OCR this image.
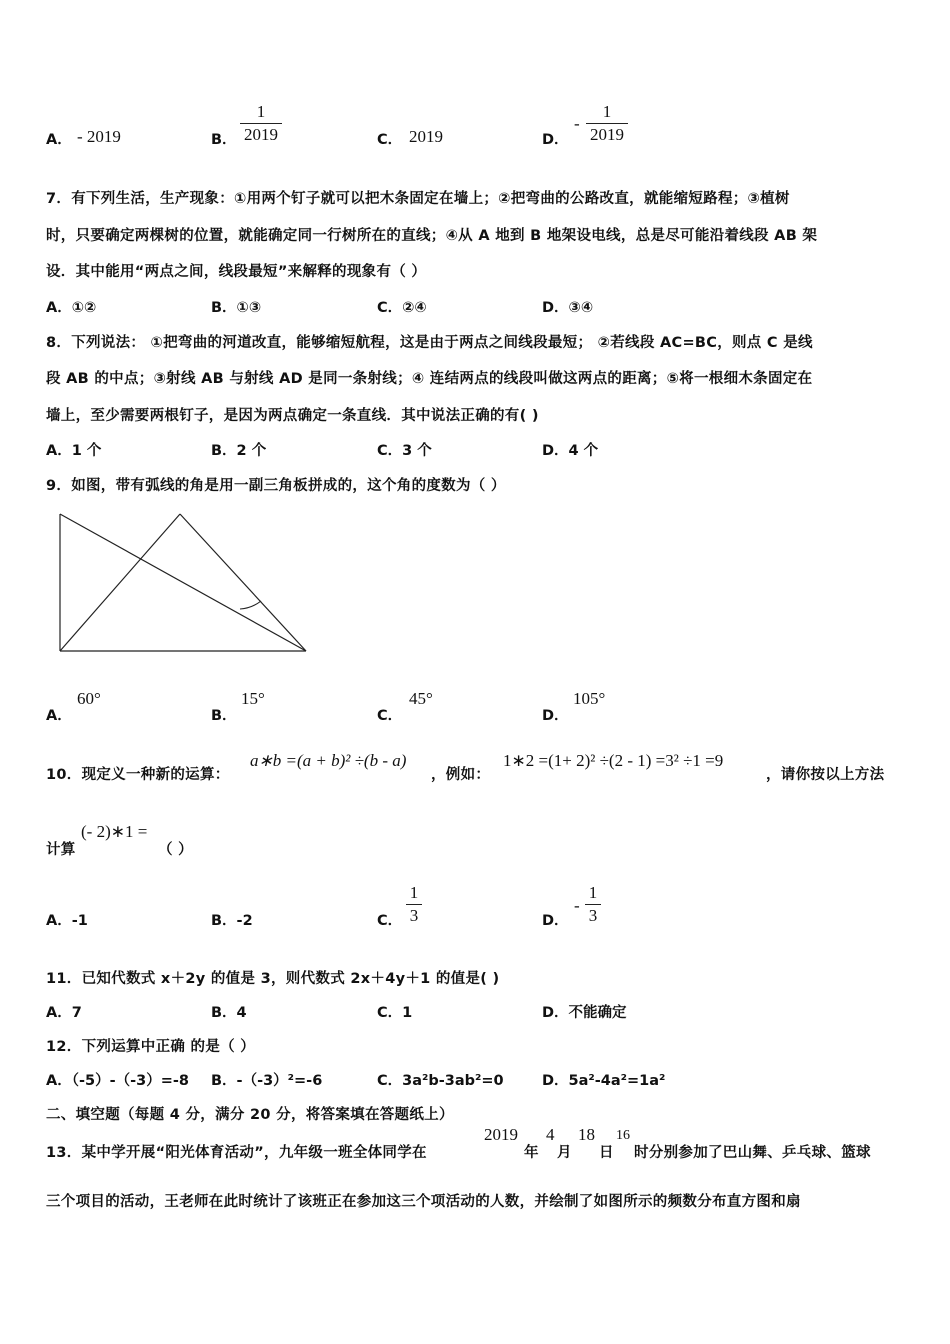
A． - 2019	B．
1
2019	C． 2019	D．
-
1
2019
7．有下列生活，生产现象：①用两个钉子就可以把木条固定在墙上；②把弯曲的公路改直，就能缩短路程；③植树
时，只要确定两棵树的位置，就能确定同一行树所在的直线；④从 A 地到 B 地架设电线，总是尽可能沿着线段 AB 架
设．其中能用“两点之间，线段最短”来解释的现象有（ ）
A．①②	B．①③	C．②④	D．③④
8．下列说法： ①把弯曲的河道改直，能够缩短航程，这是由于两点之间线段最短； ②若线段 AC=BC，则点 C 是线
段 AB 的中点；③射线 AB 与射线 AD 是同一条射线；④ 连结两点的线段叫做这两点的距离；⑤将一根细木条固定在
墙上，至少需要两根钉子，是因为两点确定一条直线．其中说法正确的有( )
A．1 个	B．2 个	C．3 个	D．4 个
9．如图，带有弧线的角是用一副三角板拼成的，这个角的度数为（ ）
A．
60°
B．
15°
C．
45°
D．
105°
10．现定义一种新的运算：
a∗b =(a + b)² ÷(b - a)
，例如：
1∗2 =(1+ 2)² ÷(2 - 1) =3² ÷1 =9
，请你按以上方法
计算
(- 2)∗1 =
（ ）
A．-1	B．-2	C．
1
3	D．
-
1
3
11．已知代数式 x＋2y 的值是 3，则代数式 2x＋4y＋1 的值是( )
A．7	B．4	C．1	D．不能确定
12．下列运算中正确 的是（ ）
A．（-5）-（-3）=-8 B．-（-3）²=-6	C．3a²b-3ab²=0	D．5a²-4a²=1a²
二、填空题（每题 4 分，满分 20 分，将答案填在答题纸上）
13．某中学开展“阳光体育活动”，九年级一班全体同学在
2019
年
4
月
18
日
16
时分别参加了巴山舞、乒乓球、篮球
三个项目的活动，王老师在此时统计了该班正在参加这三个项活动的人数，并绘制了如图所示的频数分布直方图和扇
